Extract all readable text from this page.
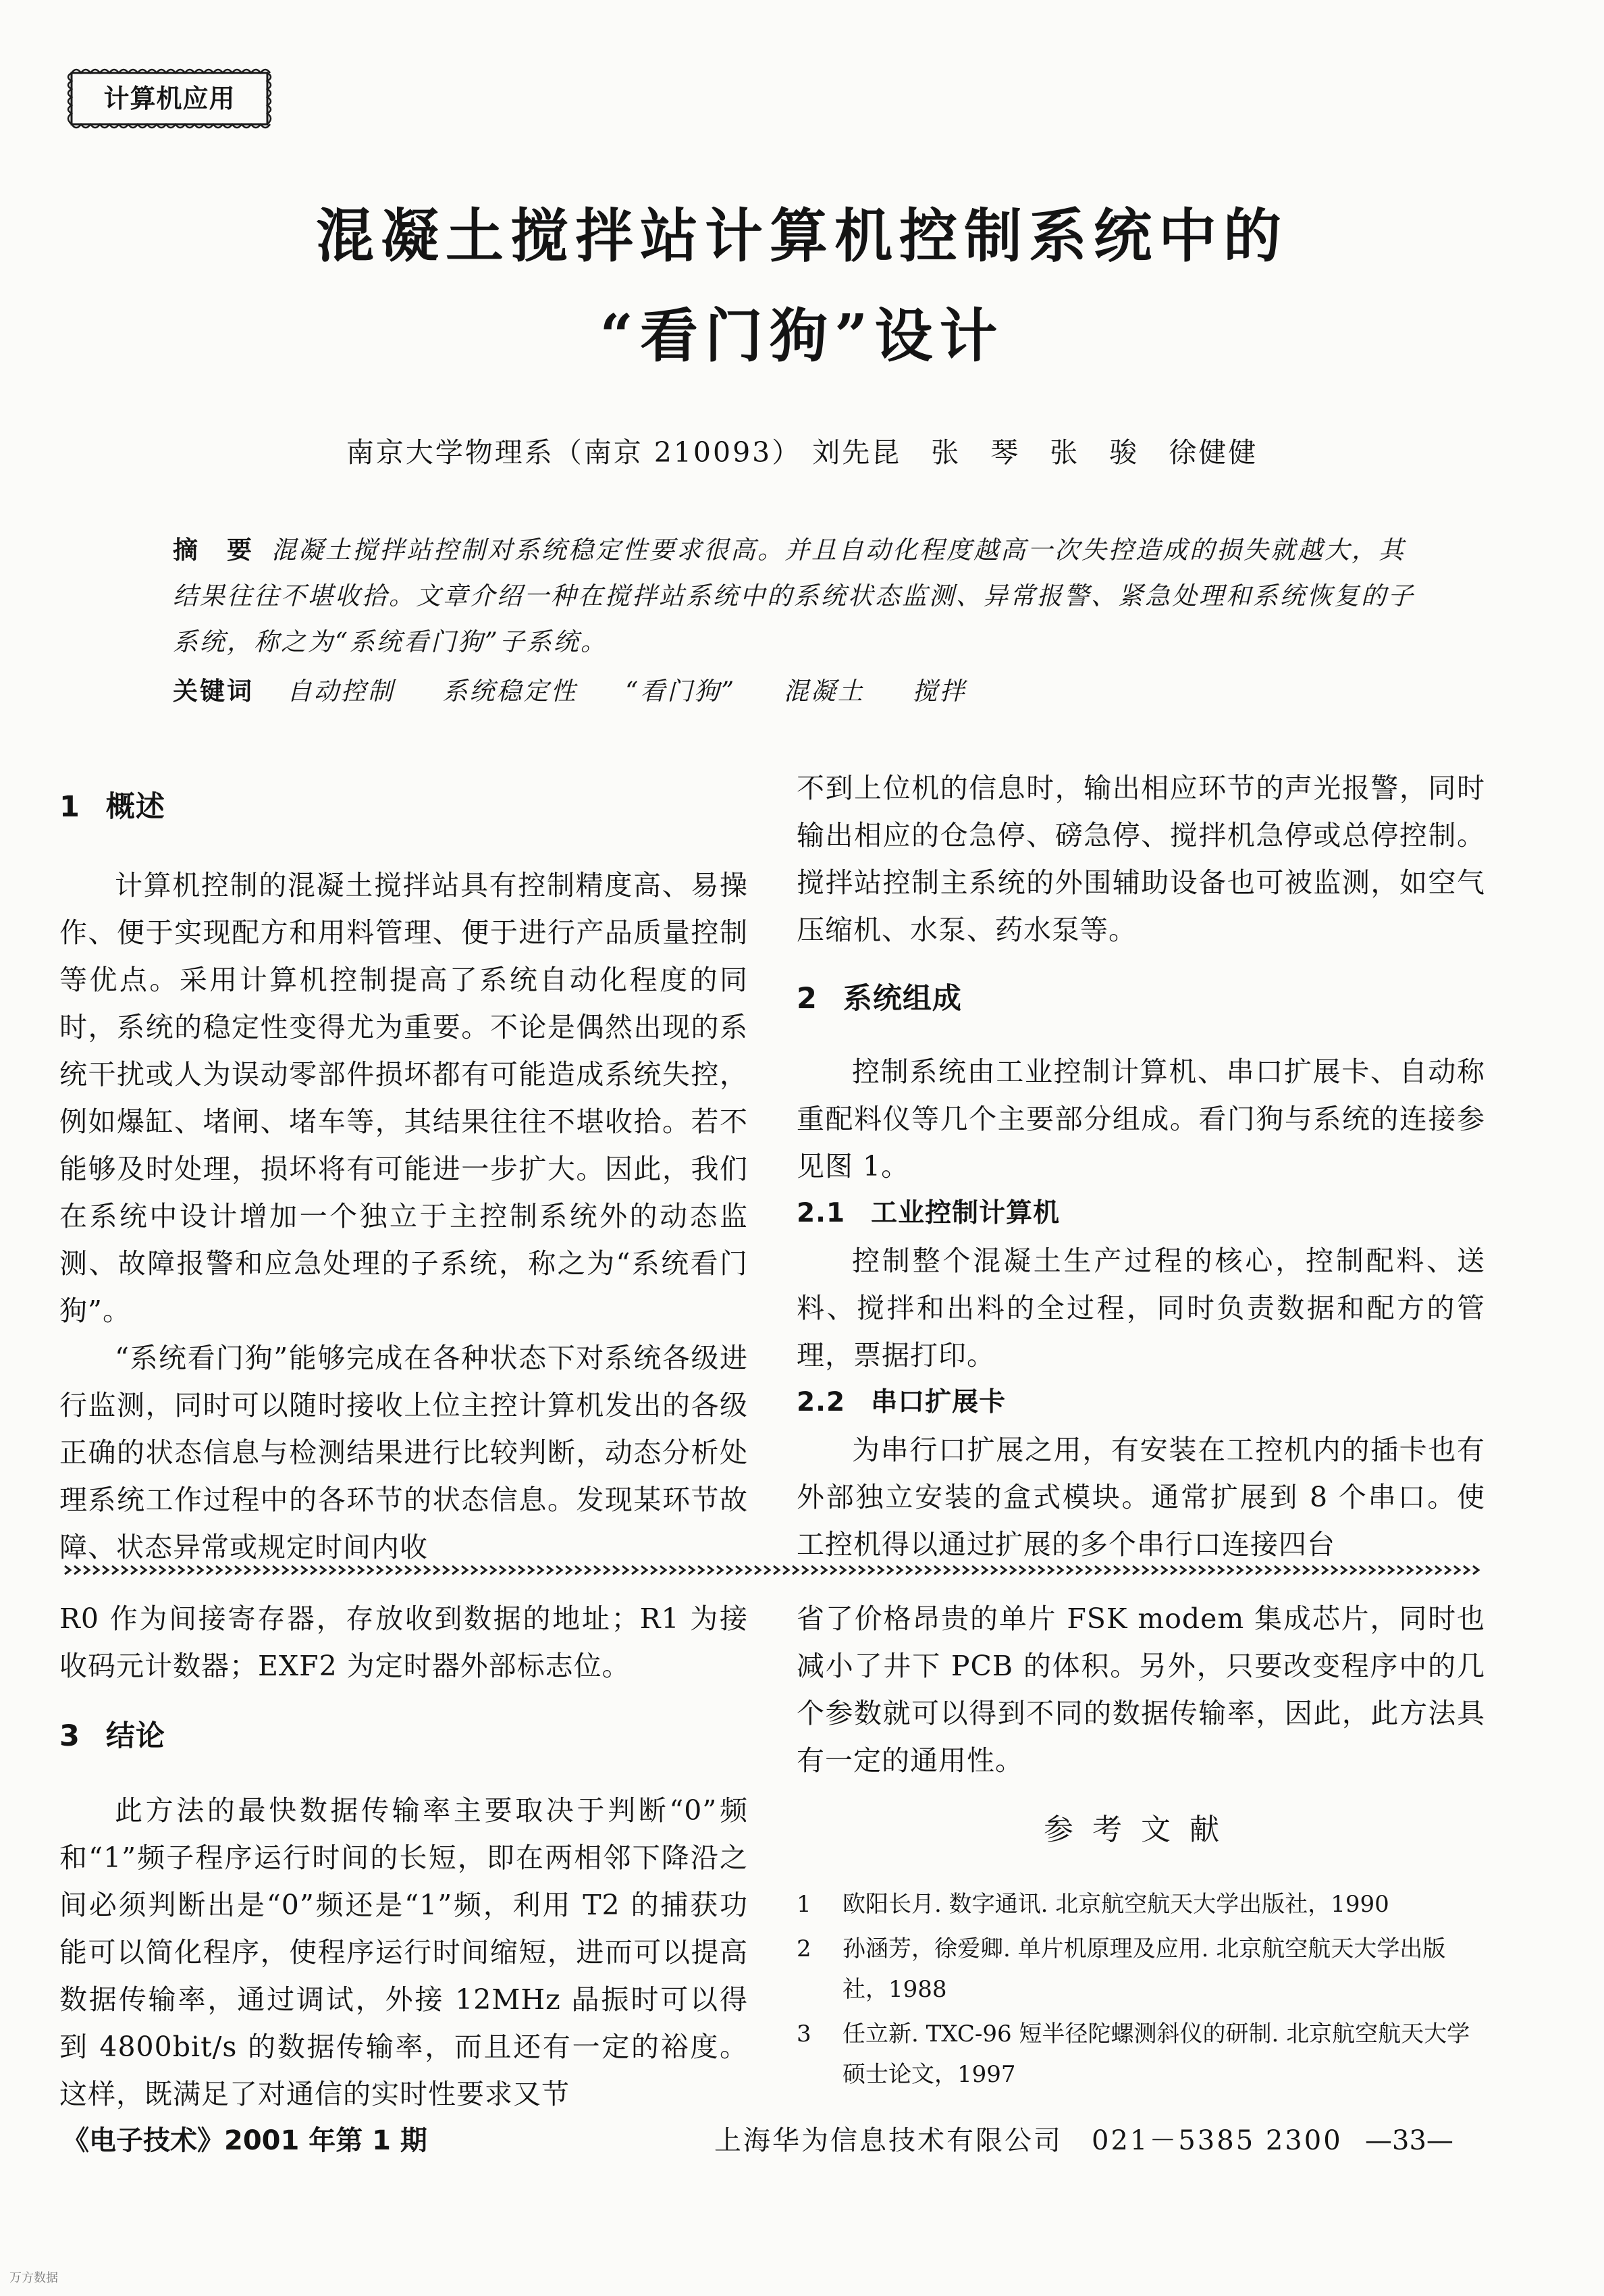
计算机应用
混凝土搅拌站计算机控制系统中的
“看门狗”设计
南京大学物理系（南京 210093） 刘先昆　张　琴　张　骏　徐健健
摘　要 混凝土搅拌站控制对系统稳定性要求很高。并且自动化程度越高一次失控造成的损失就越大，其结果往往不堪收拾。文章介绍一种在搅拌站系统中的系统状态监测、异常报警、紧急处理和系统恢复的子系统，称之为“系统看门狗”子系统。
关键词 自动控制 系统稳定性 “看门狗” 混凝土 搅拌
1 概述

计算机控制的混凝土搅拌站具有控制精度高、易操作、便于实现配方和用料管理、便于进行产品质量控制等优点。采用计算机控制提高了系统自动化程度的同时，系统的稳定性变得尤为重要。不论是偶然出现的系统干扰或人为误动零部件损坏都有可能造成系统失控，例如爆缸、堵闸、堵车等，其结果往往不堪收拾。若不能够及时处理，损坏将有可能进一步扩大。因此，我们在系统中设计增加一个独立于主控制系统外的动态监测、故障报警和应急处理的子系统，称之为“系统看门狗”。

“系统看门狗”能够完成在各种状态下对系统各级进行监测，同时可以随时接收上位主控计算机发出的各级正确的状态信息与检测结果进行比较判断，动态分析处理系统工作过程中的各环节的状态信息。发现某环节故障、状态异常或规定时间内收

不到上位机的信息时，输出相应环节的声光报警，同时输出相应的仓急停、磅急停、搅拌机急停或总停控制。搅拌站控制主系统的外围辅助设备也可被监测，如空气压缩机、水泵、药水泵等。

2 系统组成

控制系统由工业控制计算机、串口扩展卡、自动称重配料仪等几个主要部分组成。看门狗与系统的连接参见图 1。

2.1 工业控制计算机

控制整个混凝土生产过程的核心，控制配料、送料、搅拌和出料的全过程，同时负责数据和配方的管理，票据打印。

2.2 串口扩展卡

为串行口扩展之用，有安装在工控机内的插卡也有外部独立安装的盒式模块。通常扩展到 8 个串口。使工控机得以通过扩展的多个串行口连接四台

R0 作为间接寄存器，存放收到数据的地址；R1 为接收码元计数器；EXF2 为定时器外部标志位。

3 结论

此方法的最快数据传输率主要取决于判断“0”频和“1”频子程序运行时间的长短，即在两相邻下降沿之间必须判断出是“0”频还是“1”频，利用 T2 的捕获功能可以简化程序，使程序运行时间缩短，进而可以提高数据传输率，通过调试，外接 12MHz 晶振时可以得到 4800bit/s 的数据传输率，而且还有一定的裕度。这样，既满足了对通信的实时性要求又节

省了价格昂贵的单片 FSK modem 集成芯片，同时也减小了井下 PCB 的体积。另外，只要改变程序中的几个参数就可以得到不同的数据传输率，因此，此方法具有一定的通用性。

参考文献
1 欧阳长月. 数字通讯. 北京航空航天大学出版社，1990
2 孙涵芳，徐爱卿. 单片机原理及应用. 北京航空航天大学出版社，1988
3 任立新. TXC-96 短半径陀螺测斜仪的研制. 北京航空航天大学硕士论文，1997
《电子技术》2001 年第 1 期	上海华为信息技术有限公司　021－5385 2300 —33—
万方数据
